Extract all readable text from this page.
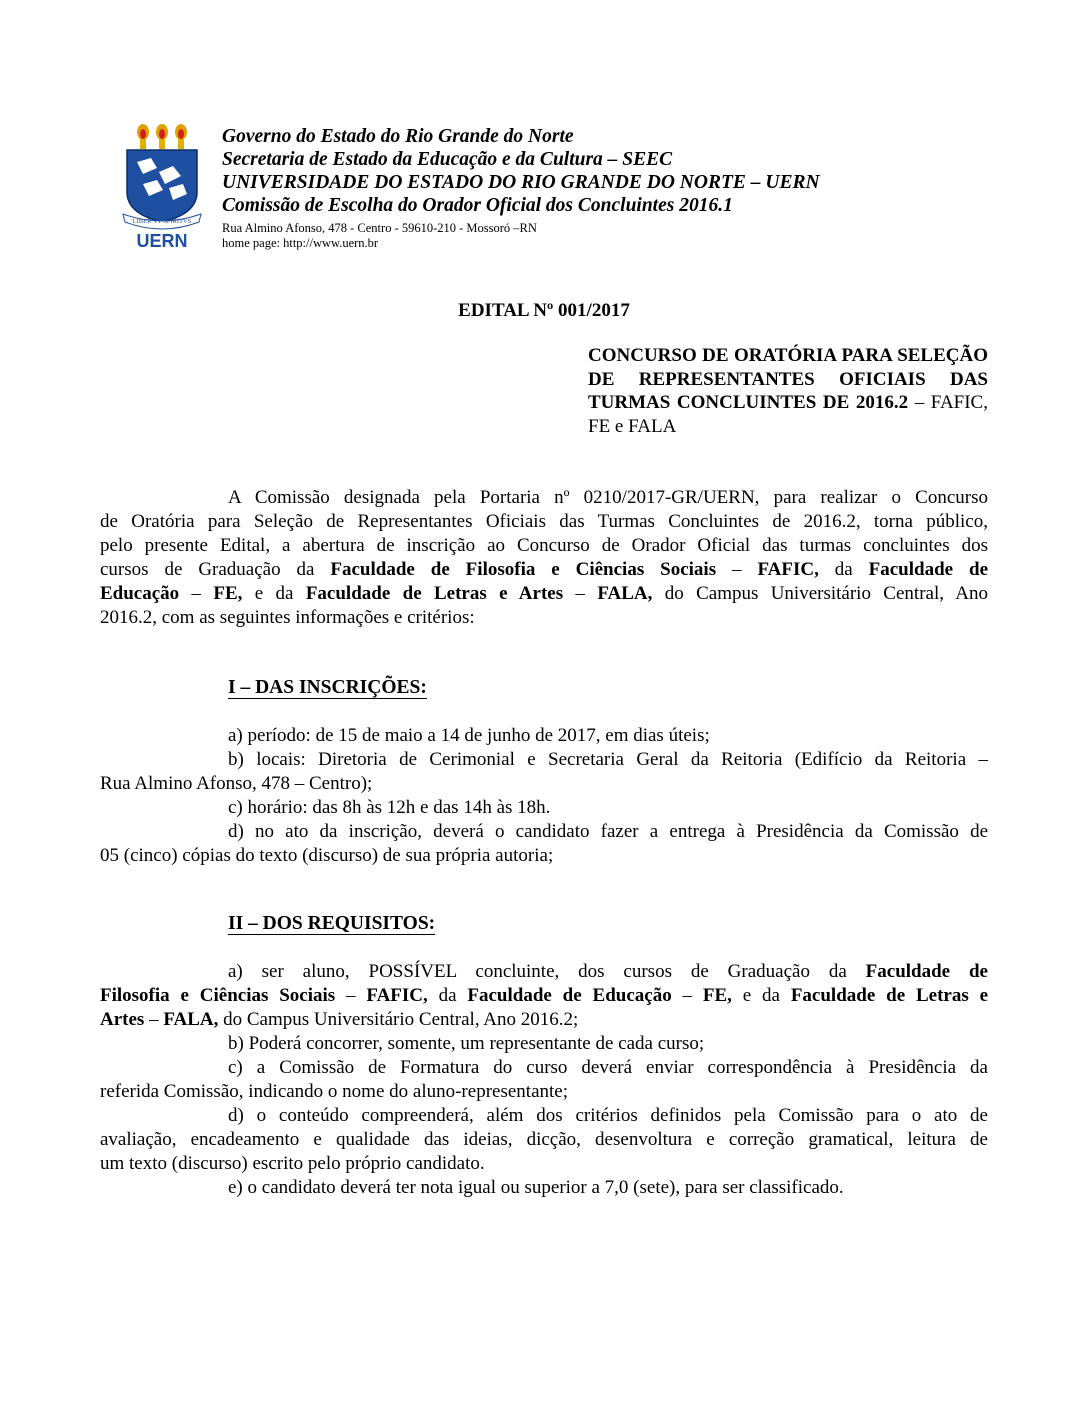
LIBER VT SPIRITVS
UERN
Governo do Estado do Rio Grande do Norte
Secretaria de Estado da Educação e da Cultura – SEEC
UNIVERSIDADE DO ESTADO DO RIO GRANDE DO NORTE – UERN
Comissão de Escolha do Orador Oficial dos Concluintes 2016.1
Rua Almino Afonso, 478 - Centro - 59610-210 - Mossoró –RN
home page: http://www.uern.br
EDITAL Nº 001/2017
CONCURSO DE ORATÓRIA PARA SELEÇÃO DE REPRESENTANTES OFICIAIS DAS TURMAS CONCLUINTES DE 2016.2 – FAFIC, FE e FALA
A Comissão designada pela Portaria nº 0210/2017-GR/UERN, para realizar o Concurso
de Oratória para Seleção de Representantes Oficiais das Turmas Concluintes de 2016.2, torna público,
pelo presente Edital, a abertura de inscrição ao Concurso de Orador Oficial das turmas concluintes dos
cursos de Graduação da Faculdade de Filosofia e Ciências Sociais – FAFIC, da Faculdade de
Educação – FE, e da Faculdade de Letras e Artes – FALA, do Campus Universitário Central, Ano
2016.2, com as seguintes informações e critérios:
I – DAS INSCRIÇÕES:
a) período: de 15 de maio a 14 de junho de 2017, em dias úteis;
b) locais: Diretoria de Cerimonial e Secretaria Geral da Reitoria (Edifício da Reitoria –
Rua Almino Afonso, 478 – Centro);
c) horário: das 8h às 12h e das 14h às 18h.
d) no ato da inscrição, deverá o candidato fazer a entrega à Presidência da Comissão de
05 (cinco) cópias do texto (discurso) de sua própria autoria;
II – DOS REQUISITOS:
a) ser aluno, POSSÍVEL concluinte, dos cursos de Graduação da Faculdade de
Filosofia e Ciências Sociais – FAFIC, da Faculdade de Educação – FE, e da Faculdade de Letras e
Artes – FALA, do Campus Universitário Central, Ano 2016.2;
b) Poderá concorrer, somente, um representante de cada curso;
c) a Comissão de Formatura do curso deverá enviar correspondência à Presidência da
referida Comissão, indicando o nome do aluno-representante;
d) o conteúdo compreenderá, além dos critérios definidos pela Comissão para o ato de
avaliação, encadeamento e qualidade das ideias, dicção, desenvoltura e correção gramatical, leitura de
um texto (discurso) escrito pelo próprio candidato.
e) o candidato deverá ter nota igual ou superior a 7,0 (sete), para ser classificado.
